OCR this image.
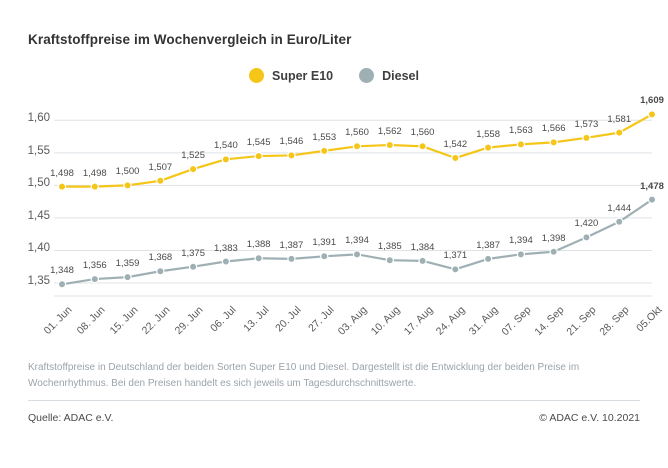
Kraftstoffpreise im Wochenvergleich in Euro/Liter
Super E10	Diesel
1,35
1,40
1,45
1,50
1,55
1,60
1,348 1,356 1,359
1,368 1,375 1,383 1,388 1,387 1,391 1,394
1,385 1,384
1,371
1,387 1,394 1,398
1,420
1,444
1,478
1,498 1,498 1,500 1,507
1,525
1,540 1,545 1,546 1,553 1,560 1,562 1,560
1,542
1,558 1,563 1,566 1,573 1,581
1,609
01. Jun 08. Jun 15. Jun 22. Jun 29. Jun 06. Jul 13. Jul 20. Jul 27. Jul 03. Aug 10. Aug 17. Aug 24. Aug 31. Aug
07. Sep
14. Sep
21. Sep
28. Sep 05.Okt
Kraftstoffpreise in Deutschland der beiden Sorten Super E10 und Diesel. Dargestellt ist die Entwicklung der beiden Preise im Wochenrhythmus. Bei den Preisen handelt es sich jeweils um Tagesdurchschnittswerte.
Quelle: ADAC e.V.	© ADAC e.V. 10.2021
